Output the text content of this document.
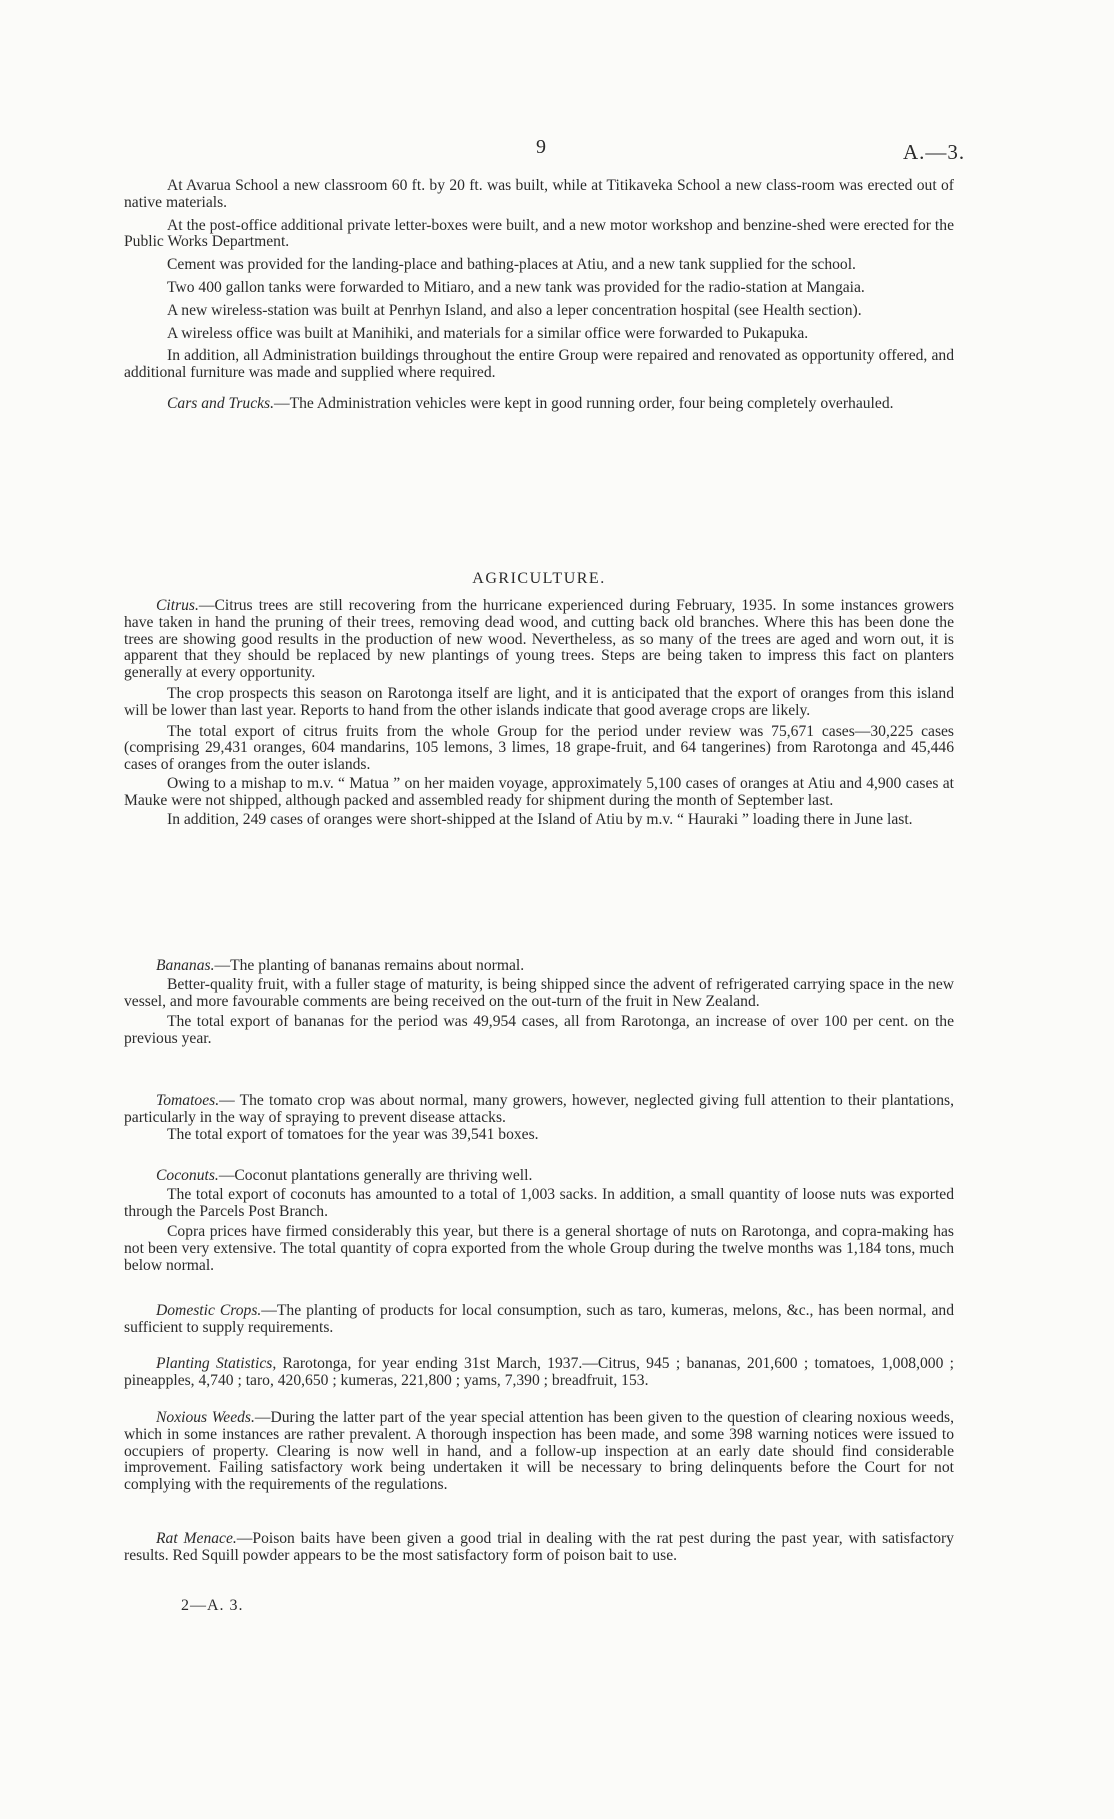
9	A.—3.

At Avarua School a new classroom 60 ft. by 20 ft. was built, while at Titikaveka School a new class-room was erected out of native materials.

At the post-office additional private letter-boxes were built, and a new motor workshop and benzine-shed were erected for the Public Works Department.

Cement was provided for the landing-place and bathing-places at Atiu, and a new tank supplied for the school.

Two 400 gallon tanks were forwarded to Mitiaro, and a new tank was provided for the radio-station at Mangaia.

A new wireless-station was built at Penrhyn Island, and also a leper concentration hospital (see Health section).

A wireless office was built at Manihiki, and materials for a similar office were forwarded to Pukapuka.

In addition, all Administration buildings throughout the entire Group were repaired and renovated as opportunity offered, and additional furniture was made and supplied where required.

Cars and Trucks.—The Administration vehicles were kept in good running order, four being completely overhauled.

AGRICULTURE.

Citrus.—Citrus trees are still recovering from the hurricane experienced during February, 1935. In some instances growers have taken in hand the pruning of their trees, removing dead wood, and cutting back old branches. Where this has been done the trees are showing good results in the production of new wood. Nevertheless, as so many of the trees are aged and worn out, it is apparent that they should be replaced by new plantings of young trees. Steps are being taken to impress this fact on planters generally at every opportunity.

The crop prospects this season on Rarotonga itself are light, and it is anticipated that the export of oranges from this island will be lower than last year. Reports to hand from the other islands indicate that good average crops are likely.

The total export of citrus fruits from the whole Group for the period under review was 75,671 cases—30,225 cases (comprising 29,431 oranges, 604 mandarins, 105 lemons, 3 limes, 18 grape-fruit, and 64 tangerines) from Rarotonga and 45,446 cases of oranges from the outer islands.

Owing to a mishap to m.v. “ Matua ” on her maiden voyage, approximately 5,100 cases of oranges at Atiu and 4,900 cases at Mauke were not shipped, although packed and assembled ready for shipment during the month of September last.

In addition, 249 cases of oranges were short-shipped at the Island of Atiu by m.v. “ Hauraki ” loading there in June last.

Bananas.—The planting of bananas remains about normal.

Better-quality fruit, with a fuller stage of maturity, is being shipped since the advent of refrigerated carrying space in the new vessel, and more favourable comments are being received on the out-turn of the fruit in New Zealand.

The total export of bananas for the period was 49,954 cases, all from Rarotonga, an increase of over 100 per cent. on the previous year.

Tomatoes.— The tomato crop was about normal, many growers, however, neglected giving full attention to their plantations, particularly in the way of spraying to prevent disease attacks.

The total export of tomatoes for the year was 39,541 boxes.

Coconuts.—Coconut plantations generally are thriving well.

The total export of coconuts has amounted to a total of 1,003 sacks. In addition, a small quantity of loose nuts was exported through the Parcels Post Branch.

Copra prices have firmed considerably this year, but there is a general shortage of nuts on Rarotonga, and copra-making has not been very extensive. The total quantity of copra exported from the whole Group during the twelve months was 1,184 tons, much below normal.

Domestic Crops.—The planting of products for local consumption, such as taro, kumeras, melons, &c., has been normal, and sufficient to supply requirements.

Planting Statistics, Rarotonga, for year ending 31st March, 1937.—Citrus, 945 ; bananas, 201,600 ; tomatoes, 1,008,000 ; pineapples, 4,740 ; taro, 420,650 ; kumeras, 221,800 ; yams, 7,390 ; breadfruit, 153.

Noxious Weeds.—During the latter part of the year special attention has been given to the question of clearing noxious weeds, which in some instances are rather prevalent. A thorough inspection has been made, and some 398 warning notices were issued to occupiers of property. Clearing is now well in hand, and a follow-up inspection at an early date should find considerable improvement. Failing satisfactory work being undertaken it will be necessary to bring delinquents before the Court for not complying with the requirements of the regulations.

Rat Menace.—Poison baits have been given a good trial in dealing with the rat pest during the past year, with satisfactory results. Red Squill powder appears to be the most satisfactory form of poison bait to use.

2—A. 3.
